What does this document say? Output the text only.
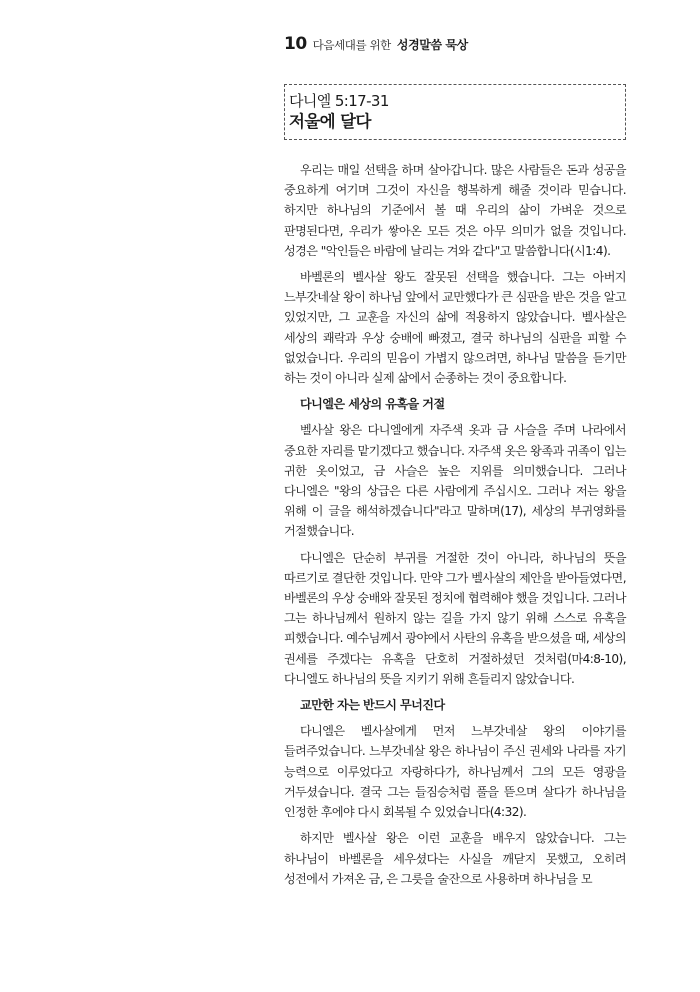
10 다음세대를 위한 성경말씀 묵상
다니엘 5:17-31
저울에 달다

우리는 매일 선택을 하며 살아갑니다. 많은 사람들은 돈과 성공을 중요하게 여기며 그것이 자신을 행복하게 해줄 것이라 믿습니다. 하지만 하나님의 기준에서 볼 때 우리의 삶이 가벼운 것으로 판명된다면, 우리가 쌓아온 모든 것은 아무 의미가 없을 것입니다. 성경은 "악인들은 바람에 날리는 겨와 같다"고 말씀합니다(시1:4).

바벨론의 벨사살 왕도 잘못된 선택을 했습니다. 그는 아버지 느부갓네살 왕이 하나님 앞에서 교만했다가 큰 심판을 받은 것을 알고 있었지만, 그 교훈을 자신의 삶에 적용하지 않았습니다. 벨사살은 세상의 쾌락과 우상 숭배에 빠졌고, 결국 하나님의 심판을 피할 수 없었습니다. 우리의 믿음이 가볍지 않으려면, 하나님 말씀을 듣기만 하는 것이 아니라 실제 삶에서 순종하는 것이 중요합니다.

다니엘은 세상의 유혹을 거절

벨사살 왕은 다니엘에게 자주색 옷과 금 사슬을 주며 나라에서 중요한 자리를 맡기겠다고 했습니다. 자주색 옷은 왕족과 귀족이 입는 귀한 옷이었고, 금 사슬은 높은 지위를 의미했습니다. 그러나 다니엘은 "왕의 상급은 다른 사람에게 주십시오. 그러나 저는 왕을 위해 이 글을 해석하겠습니다"라고 말하며(17), 세상의 부귀영화를 거절했습니다.

다니엘은 단순히 부귀를 거절한 것이 아니라, 하나님의 뜻을 따르기로 결단한 것입니다. 만약 그가 벨사살의 제안을 받아들였다면, 바벨론의 우상 숭배와 잘못된 정치에 협력해야 했을 것입니다. 그러나 그는 하나님께서 원하지 않는 길을 가지 않기 위해 스스로 유혹을 피했습니다. 예수님께서 광야에서 사탄의 유혹을 받으셨을 때, 세상의 권세를 주겠다는 유혹을 단호히 거절하셨던 것처럼(마4:8-10), 다니엘도 하나님의 뜻을 지키기 위해 흔들리지 않았습니다.

교만한 자는 반드시 무너진다

다니엘은 벨사살에게 먼저 느부갓네살 왕의 이야기를 들려주었습니다. 느부갓네살 왕은 하나님이 주신 권세와 나라를 자기 능력으로 이루었다고 자랑하다가, 하나님께서 그의 모든 영광을 거두셨습니다. 결국 그는 들짐승처럼 풀을 뜯으며 살다가 하나님을 인정한 후에야 다시 회복될 수 있었습니다(4:32).

하지만 벨사살 왕은 이런 교훈을 배우지 않았습니다. 그는 하나님이 바벨론을 세우셨다는 사실을 깨닫지 못했고, 오히려 성전에서 가져온 금, 은 그릇을 술잔으로 사용하며 하나님을 모
